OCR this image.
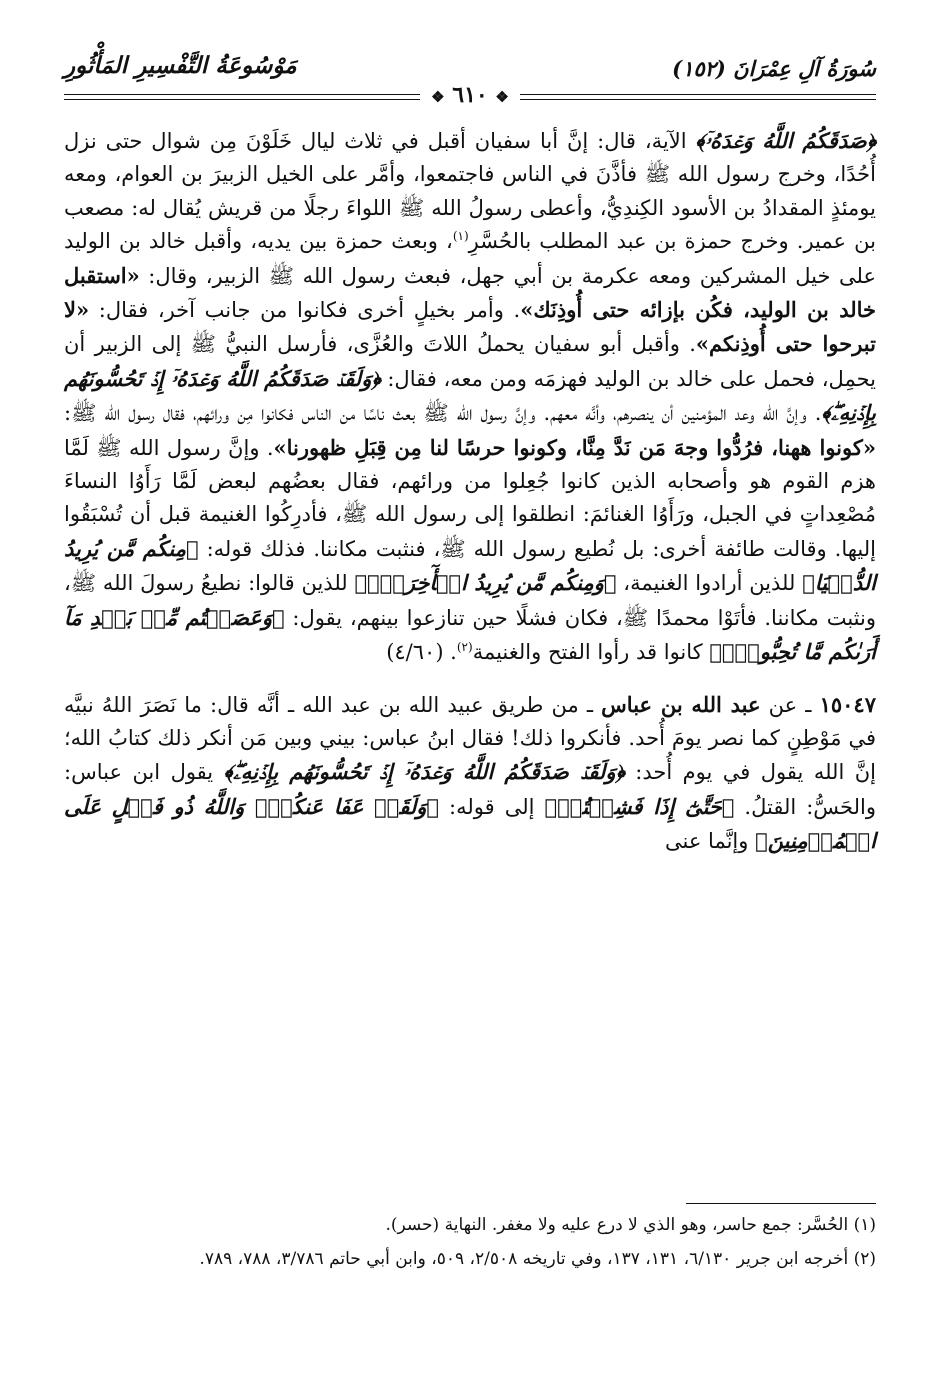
سُورَةُ آلِ عِمْرَانَ (١٥٢)
مَوْسُوعَةُ التَّفْسِيرِ المَأْثُورِ
❖ ٦١٠ ❖

﴿صَدَقَكُمُ اللَّهُ وَعۡدَهُۥٓ﴾ الآية، قال: إنَّ أبا سفيان أقبل في ثلاث ليال خَلَوْنَ مِن شوال حتى نزل أُحُدًا، وخرج رسول الله ﷺ فأذَّنَ في الناس فاجتمعوا، وأمَّر على الخيل الزبيرَ بن العوام، ومعه يومئذٍ المقدادُ بن الأسود الكِندِيُّ، وأعطى رسولُ الله ﷺ اللواءَ رجلًا من قريش يُقال له: مصعب بن عمير. وخرج حمزة بن عبد المطلب بالحُسَّرِ$^{(١)}$، وبعث حمزة بين يديه، وأقبل خالد بن الوليد على خيل المشركين ومعه عكرمة بن أبي جهل، فبعث رسول الله ﷺ الزبير، وقال: «استقبل خالد بن الوليد، فكُن بإزائه حتى أُوذِنَك». وأمر بخيلٍ أخرى فكانوا من جانب آخر، فقال: «لا تبرحوا حتى أُوذِنكم». وأقبل أبو سفيان يحملُ اللاتَ والعُزَّى، فأرسل النبيُّ ﷺ إلى الزبير أن يحمِل، فحمل على خالد بن الوليد فهزمَه ومن معه، فقال: ﴿وَلَقَدۡ صَدَقَكُمُ اللَّهُ وَعۡدَهُۥٓ إِذۡ تَحُسُّونَهُم بِإِذۡنِهِۦۖ﴾. وإنَّ الله وعد المؤمنين أن ينصرهم، وأنَّه معهم. وإنَّ رسول الله ﷺ بعث ناسًا من الناس فكانوا مِن ورائهم، فقال رسول الله ﷺ: «كونوا ههنا، فرُدُّوا وجهَ مَن نَدَّ مِنَّا، وكونوا حرسًا لنا مِن قِبَلِ ظهورنا». وإنَّ رسول الله ﷺ لَمَّا هزم القوم هو وأصحابه الذين كانوا جُعِلوا من ورائهم، فقال بعضُهم لبعض لَمَّا رَأَوُا النساءَ مُصْعِداتٍ في الجبل، ورَأَوُا الغنائمَ: انطلقوا إلى رسول الله ﷺ، فأدرِكُوا الغنيمة قبل أن تُسْبَقُوا إليها. وقالت طائفة أخرى: بل نُطيع رسول الله ﷺ، فنثبت مكاننا. فذلك قوله: ﴿مِنكُم مَّن يُرِيدُ الدُّنۡيَا﴾ للذين أرادوا الغنيمة، ﴿وَمِنكُم مَّن يُرِيدُ الۡأٓخِرَةَۚ﴾ للذين قالوا: نطيعُ رسولَ الله ﷺ، ونثبت مكاننا. فأتَوْا محمدًا ﷺ، فكان فشلًا حين تنازعوا بينهم، يقول: ﴿وَعَصَيۡتُم مِّنۢ بَعۡدِ مَآ أَرَىٰكُم مَّا تُحِبُّونَۚ﴾ كانوا قد رأوا الفتح والغنيمة$^{(٢)}$. (٤/٦٠)

١٥٠٤٧ ـ عن عبد الله بن عباس ـ من طريق عبيد الله بن عبد الله ـ أنَّه قال: ما نَصَرَ اللهُ نبيَّه في مَوْطِنٍ كما نصر يومَ أُحد. فأنكروا ذلك! فقال ابنُ عباس: بيني وبين مَن أنكر ذلك كتابُ الله؛ إنَّ الله يقول في يوم أُحد: ﴿وَلَقَدۡ صَدَقَكُمُ اللَّهُ وَعۡدَهُۥٓ إِذۡ تَحُسُّونَهُم بِإِذۡنِهِۦۖ﴾ يقول ابن عباس: والحَسُّ: القتلُ. ﴿حَتَّىٰٓ إِذَا فَشِلۡتُمۡ﴾ إلى قوله: ﴿وَلَقَدۡ عَفَا عَنكُمۡۗ وَاللَّهُ ذُو فَضۡلٍ عَلَى الۡمُؤۡمِنِينَ﴾ وإنَّما عنى

(١) الحُسَّر: جمع حاسر، وهو الذي لا درع عليه ولا مغفر. النهاية (حسر).

(٢) أخرجه ابن جرير ٦/١٣٠، ١٣١، ١٣٧، وفي تاريخه ٢/٥٠٨، ٥٠٩، وابن أبي حاتم ٣/٧٨٦، ٧٨٨، ٧٨٩.
